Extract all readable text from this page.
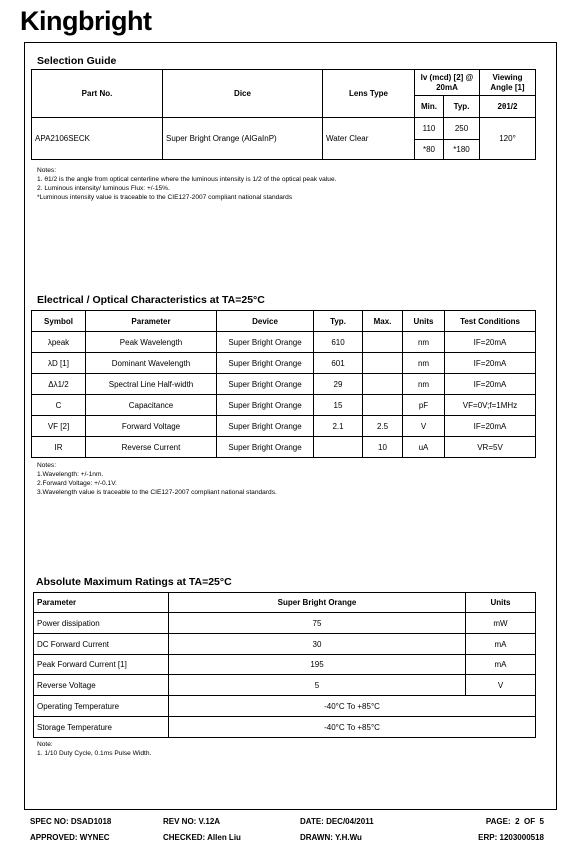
Kingbright
Selection Guide
Part No.	Dice	Lens Type	Iv (mcd) [2] @ 20mA		Viewing Angle [1]
			Min.	Typ.	2θ1/2
APA2106SECK	Super Bright Orange (AlGaInP)	Water Clear	110	250	120°
			*80	*180	
Notes:
1. θ1/2 is the angle from optical centerline where the luminous intensity is 1/2 of the optical peak value.
2. Luminous intensity/ luminous Flux: +/-15%.
*Luminous intensity value is traceable to the CIE127-2007 compliant national standards
Electrical / Optical Characteristics at TA=25°C
Symbol	Parameter	Device	Typ.	Max.	Units	Test Conditions
λpeak	Peak Wavelength	Super Bright Orange	610		nm	IF=20mA
λD [1]	Dominant Wavelength	Super Bright Orange	601		nm	IF=20mA
Δλ1/2	Spectral Line Half-width	Super Bright Orange	29		nm	IF=20mA
C	Capacitance	Super Bright Orange	15		pF	VF=0V;f=1MHz
VF [2]	Forward Voltage	Super Bright Orange	2.1	2.5	V	IF=20mA
IR	Reverse Current	Super Bright Orange		10	uA	VR=5V
Notes:
1.Wavelength: +/-1nm.
2.Forward Voltage: +/-0.1V.
3.Wavelength value is traceable to the CIE127-2007 compliant national standards.
Absolute Maximum Ratings at TA=25°C
Parameter	Super Bright Orange	Units
Power dissipation	75	mW
DC Forward Current	30	mA
Peak Forward Current [1]	195	mA
Reverse Voltage	5	V
Operating Temperature	-40°C To +85°C	
Storage Temperature	-40°C To +85°C	
Note:
1. 1/10 Duty Cycle, 0.1ms Pulse Width.
SPEC NO: DSAD1018
APPROVED: WYNEC
REV NO: V.12A
CHECKED: Allen Liu
DATE: DEC/04/2011
DRAWN: Y.H.Wu
PAGE:  2  OF  5
ERP: 1203000518
